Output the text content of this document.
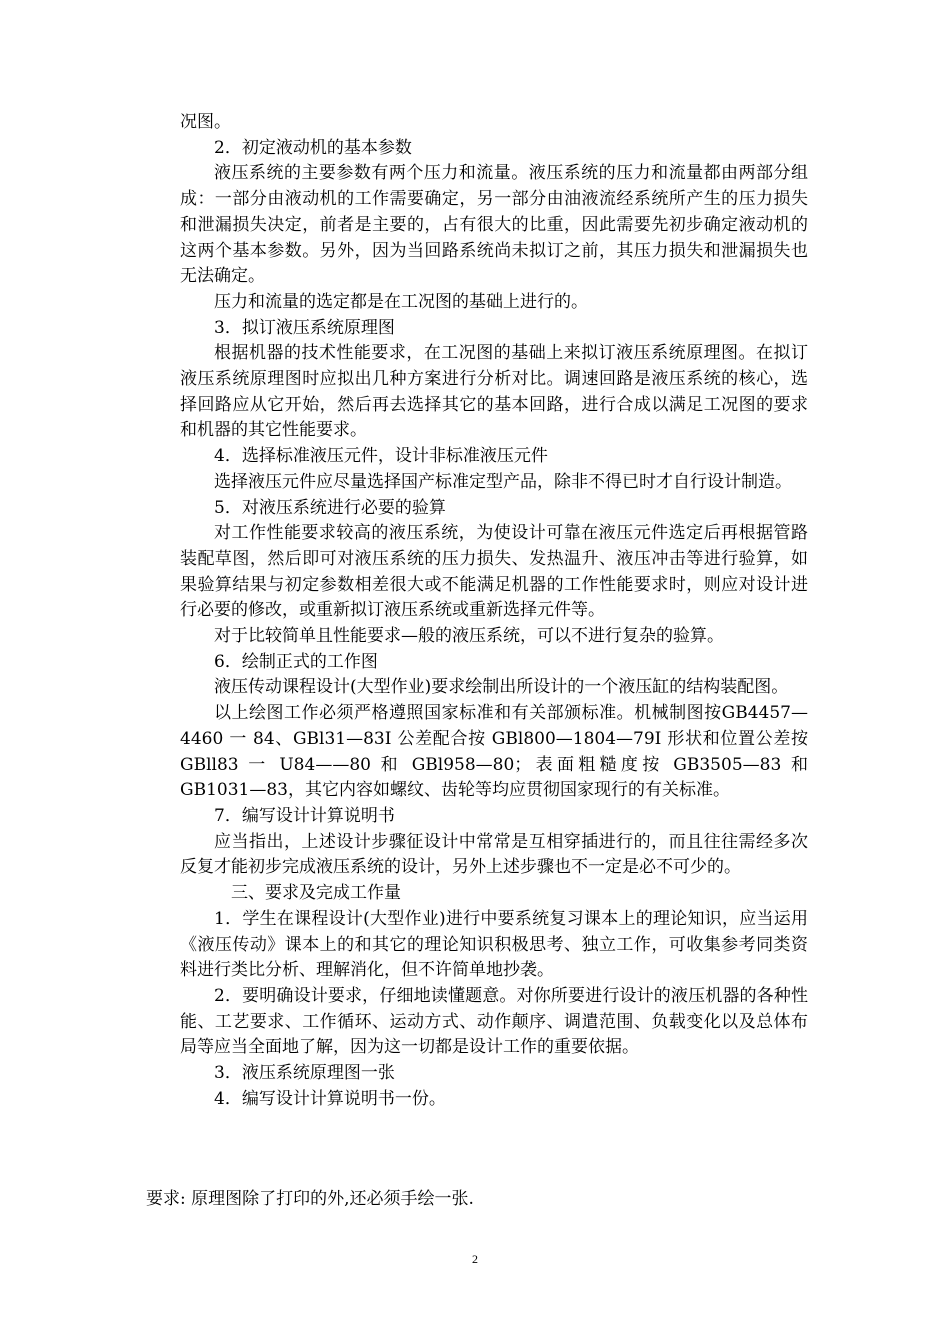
况图。

2．初定液动机的基本参数

液压系统的主要参数有两个压力和流量。液压系统的压力和流量都由两部分组成：一部分由液动机的工作需要确定，另一部分由油液流经系统所产生的压力损失和泄漏损失决定，前者是主要的，占有很大的比重，因此需要先初步确定液动机的这两个基本参数。另外，因为当回路系统尚未拟订之前，其压力损失和泄漏损失也无法确定。

压力和流量的选定都是在工况图的基础上进行的。

3．拟订液压系统原理图

根据机器的技术性能要求，在工况图的基础上来拟订液压系统原理图。在拟订液压系统原理图时应拟出几种方案进行分析对比。调速回路是液压系统的核心，选择回路应从它开始，然后再去选择其它的基本回路，进行合成以满足工况图的要求和机器的其它性能要求。

4．选择标准液压元件，设计非标准液压元件

选择液压元件应尽量选择国产标准定型产品，除非不得已时才自行设计制造。

5．对液压系统进行必要的验算

对工作性能要求较高的液压系统，为使设计可靠在液压元件选定后再根据管路装配草图，然后即可对液压系统的压力损失、发热温升、液压冲击等进行验算，如果验算结果与初定参数相差很大或不能满足机器的工作性能要求时，则应对设计进行必要的修改，或重新拟订液压系统或重新选择元件等。

对于比较简单且性能要求—般的液压系统，可以不进行复杂的验算。

6．绘制正式的工作图

液压传动课程设计(大型作业)要求绘制出所设计的一个液压缸的结构装配图。

以上绘图工作必须严格遵照国家标准和有关部颁标准。机械制图按GB4457—4460 一 84、GBl31—83I 公差配合按 GBl800—1804—79I 形状和位置公差按 GBll83 一 U84——80 和 GBl958—80；表面粗糙度按 GB3505—83 和 GB1031—83，其它内容如螺纹、齿轮等均应贯彻国家现行的有关标准。

7．编写设计计算说明书

应当指出，上述设计步骤征设计中常常是互相穿插进行的，而且往往需经多次反复才能初步完成液压系统的设计，另外上述步骤也不一定是必不可少的。

三、要求及完成工作量

1．学生在课程设计(大型作业)进行中要系统复习课本上的理论知识，应当运用《液压传动》课本上的和其它的理论知识积极思考、独立工作，可收集参考同类资料进行类比分析、理解消化，但不许简单地抄袭。

2．要明确设计要求，仔细地读懂题意。对你所要进行设计的液压机器的各种性能、工艺要求、工作循环、运动方式、动作颠序、调遣范围、负载变化以及总体布局等应当全面地了解，因为这一切都是设计工作的重要依据。

3．液压系统原理图一张

4．编写设计计算说明书一份。

要求: 原理图除了打印的外,还必须手绘一张.
2
